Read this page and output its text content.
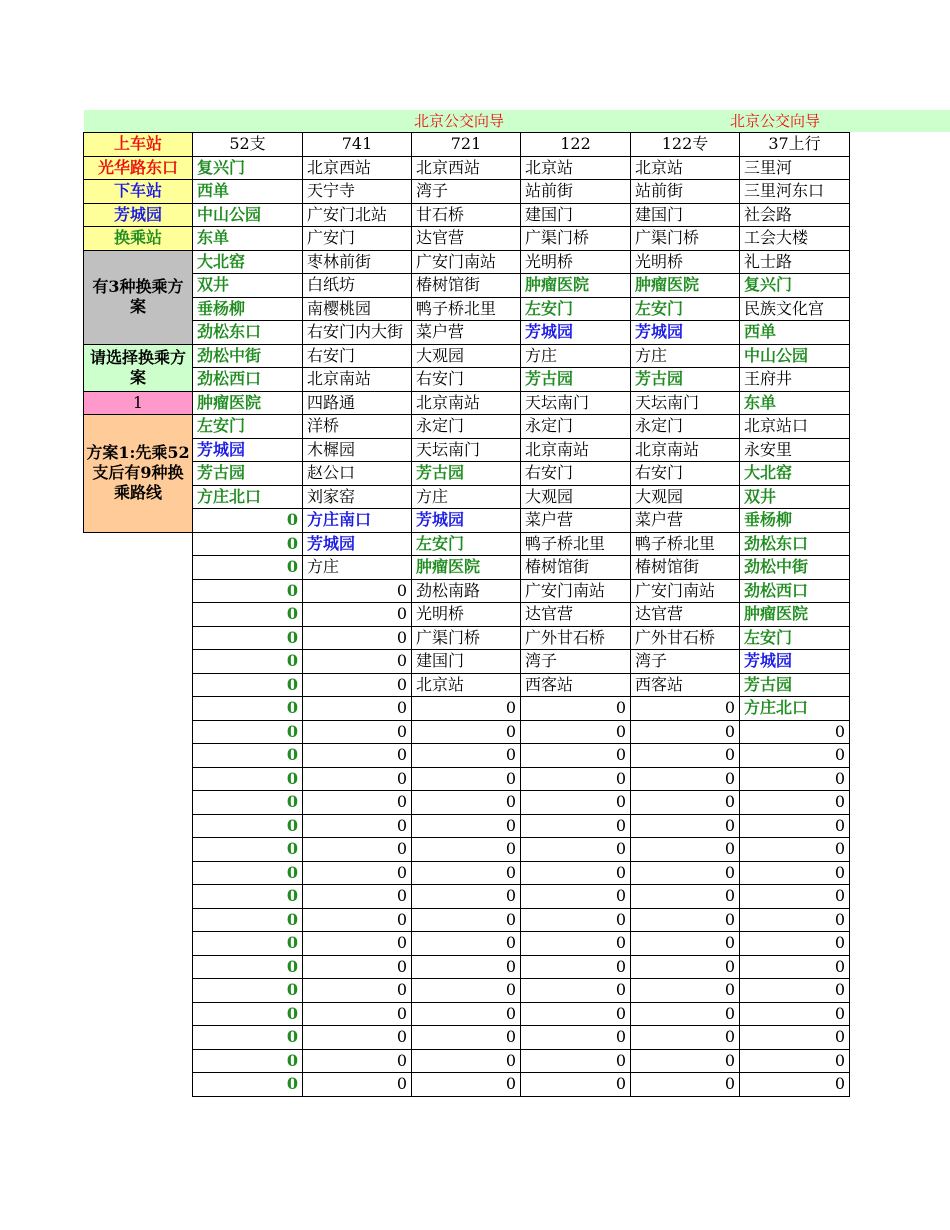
北京公交向导	北京公交向导
上车站	52支	741	721	122	122专	37上行
光华路东口	复兴门	北京西站	北京西站	北京站	北京站	三里河
下车站	西单	天宁寺	湾子	站前街	站前街	三里河东口
芳城园	中山公园	广安门北站	甘石桥	建国门	建国门	社会路
换乘站	东单	广安门	达官营	广渠门桥	广渠门桥	工会大楼
有3种换乘方案	大北窑	枣林前街	广安门南站	光明桥	光明桥	礼士路
	双井	白纸坊	椿树馆街	肿瘤医院	肿瘤医院	复兴门
	垂杨柳	南樱桃园	鸭子桥北里	左安门	左安门	民族文化宫
	劲松东口	右安门内大街	菜户营	芳城园	芳城园	西单
请选择换乘方案	劲松中街	右安门	大观园	方庄	方庄	中山公园
	劲松西口	北京南站	右安门	芳古园	芳古园	王府井
1	肿瘤医院	四路通	北京南站	天坛南门	天坛南门	东单
方案1:先乘52支后有9种换乘路线	左安门	洋桥	永定门	永定门	永定门	北京站口
	芳城园	木樨园	天坛南门	北京南站	北京南站	永安里
	芳古园	赵公口	芳古园	右安门	右安门	大北窑
	方庄北口	刘家窑	方庄	大观园	大观园	双井
	0	方庄南口	芳城园	菜户营	菜户营	垂杨柳
	0	芳城园	左安门	鸭子桥北里	鸭子桥北里	劲松东口
	0	方庄	肿瘤医院	椿树馆街	椿树馆街	劲松中街
	0	0	劲松南路	广安门南站	广安门南站	劲松西口
	0	0	光明桥	达官营	达官营	肿瘤医院
	0	0	广渠门桥	广外甘石桥	广外甘石桥	左安门
	0	0	建国门	湾子	湾子	芳城园
	0	0	北京站	西客站	西客站	芳古园
	0	0	0	0	0	方庄北口
	0	0	0	0	0	0
	0	0	0	0	0	0
	0	0	0	0	0	0
	0	0	0	0	0	0
	0	0	0	0	0	0
	0	0	0	0	0	0
	0	0	0	0	0	0
	0	0	0	0	0	0
	0	0	0	0	0	0
	0	0	0	0	0	0
	0	0	0	0	0	0
	0	0	0	0	0	0
	0	0	0	0	0	0
	0	0	0	0	0	0
	0	0	0	0	0	0
	0	0	0	0	0	0
